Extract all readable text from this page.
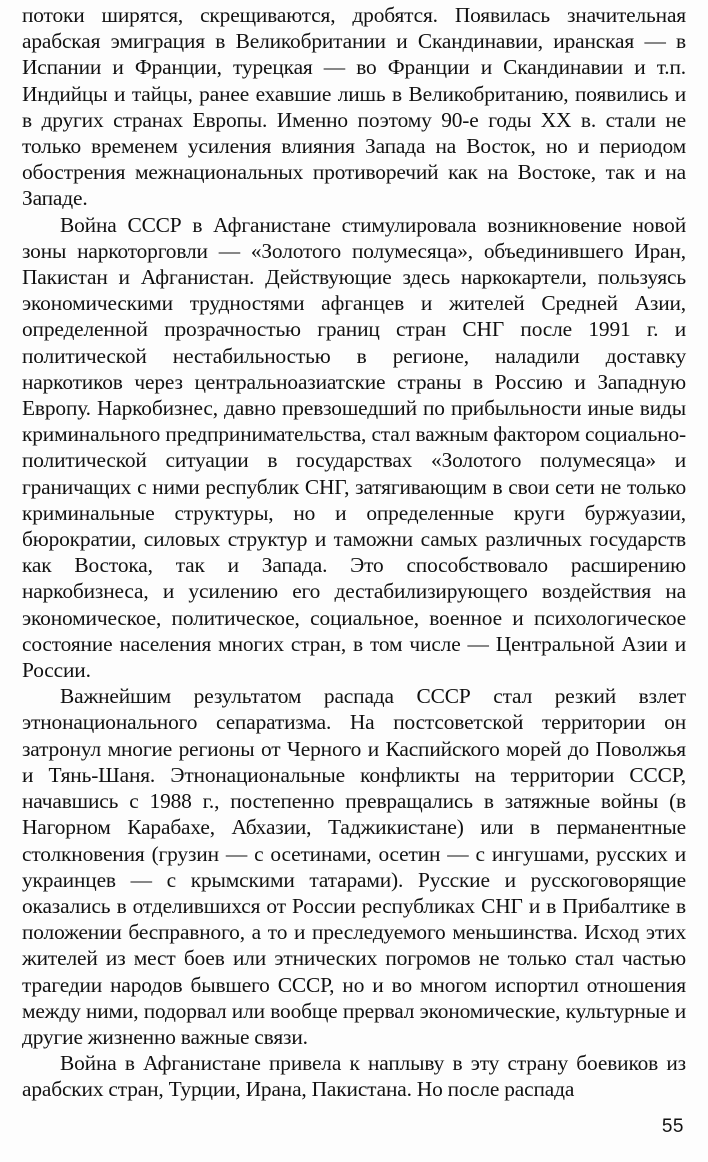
потоки ширятся, скрещиваются, дробятся. Появилась значительная арабская эмиграция в Великобритании и Скандинавии, иранская — в Испании и Франции, турецкая — во Франции и Скандинавии и т.п. Индийцы и тайцы, ранее ехавшие лишь в Великобританию, появились и в других странах Европы. Именно поэтому 90-е годы XX в. стали не только временем усиления влияния Запада на Восток, но и периодом обострения межнациональных противоречий как на Востоке, так и на Западе.

Война СССР в Афганистане стимулировала возникновение новой зоны наркоторговли — «Золотого полумесяца», объединившего Иран, Пакистан и Афганистан. Действующие здесь наркокартели, пользуясь экономическими трудностями афганцев и жителей Средней Азии, определенной прозрачностью границ стран СНГ после 1991 г. и политической нестабильностью в регионе, наладили доставку наркотиков через центральноазиатские страны в Россию и Западную Европу. Наркобизнес, давно превзошедший по прибыльности иные виды криминального предпринимательства, стал важным фактором социально-политической ситуации в государствах «Золотого полумесяца» и граничащих с ними республик СНГ, затягивающим в свои сети не только криминальные структуры, но и определенные круги буржуазии, бюрократии, силовых структур и таможни самых различных государств как Востока, так и Запада. Это способствовало расширению наркобизнеса, и усилению его дестабилизирующего воздействия на экономическое, политическое, социальное, военное и психологическое состояние населения многих стран, в том числе — Центральной Азии и России.

Важнейшим результатом распада СССР стал резкий взлет этнонационального сепаратизма. На постсоветской территории он затронул многие регионы от Черного и Каспийского морей до Поволжья и Тянь-Шаня. Этнонациональные конфликты на территории СССР, начавшись с 1988 г., постепенно превращались в затяжные войны (в Нагорном Карабахе, Абхазии, Таджикистане) или в перманентные столкновения (грузин — с осетинами, осетин — с ингушами, русских и украинцев — с крымскими татарами). Русские и русскоговорящие оказались в отделившихся от России республиках СНГ и в Прибалтике в положении бесправного, а то и преследуемого меньшинства. Исход этих жителей из мест боев или этнических погромов не только стал частью трагедии народов бывшего СССР, но и во многом испортил отношения между ними, подорвал или вообще прервал экономические, культурные и другие жизненно важные связи.

Война в Афганистане привела к наплыву в эту страну боевиков из арабских стран, Турции, Ирана, Пакистана. Но после распада

55
